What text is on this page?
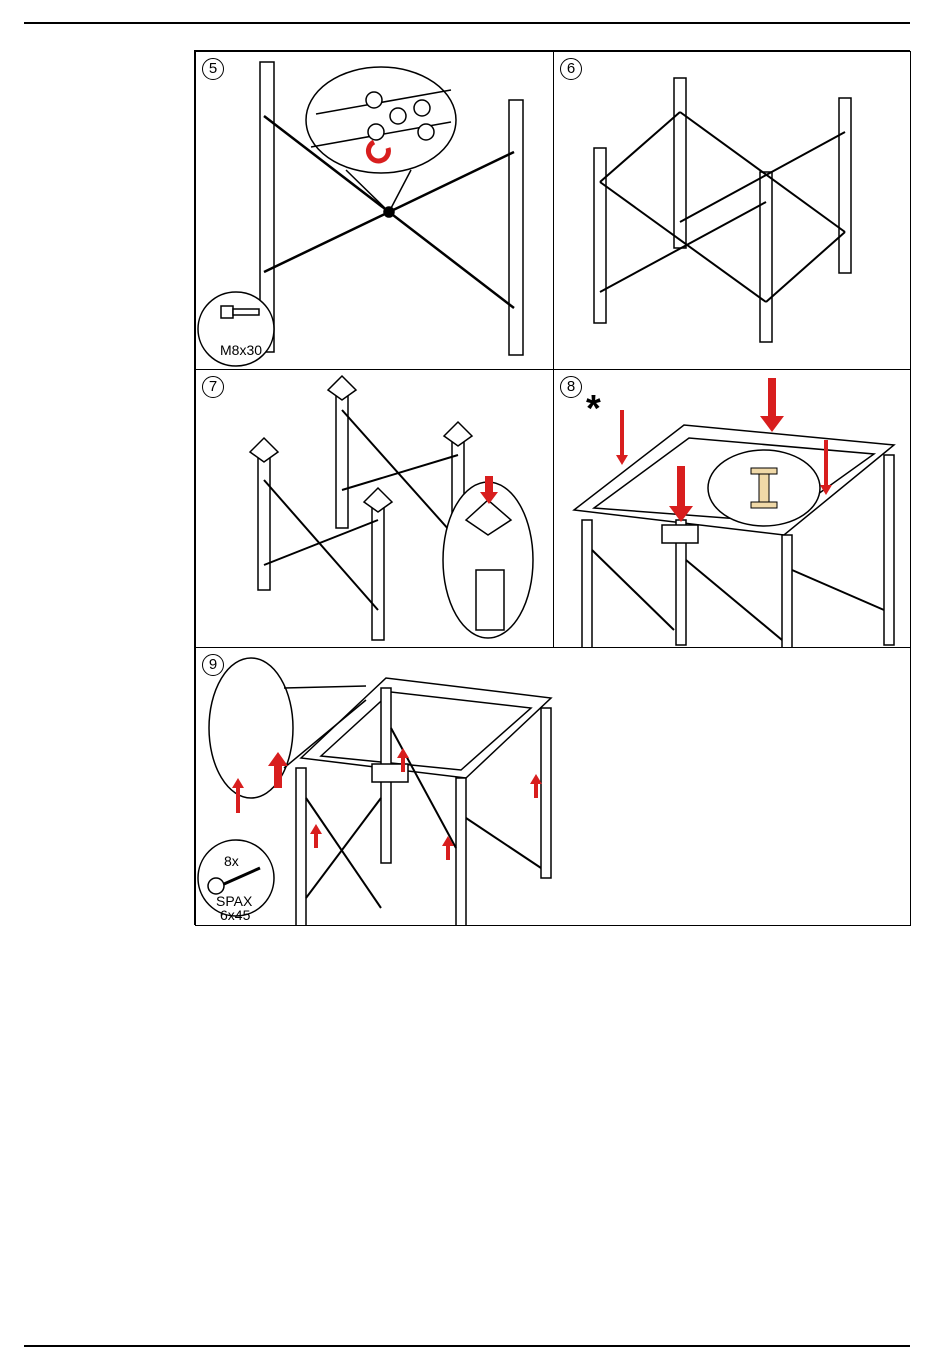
5
M8x30
6
7	8
*
9
8x
SPAX
6x45
